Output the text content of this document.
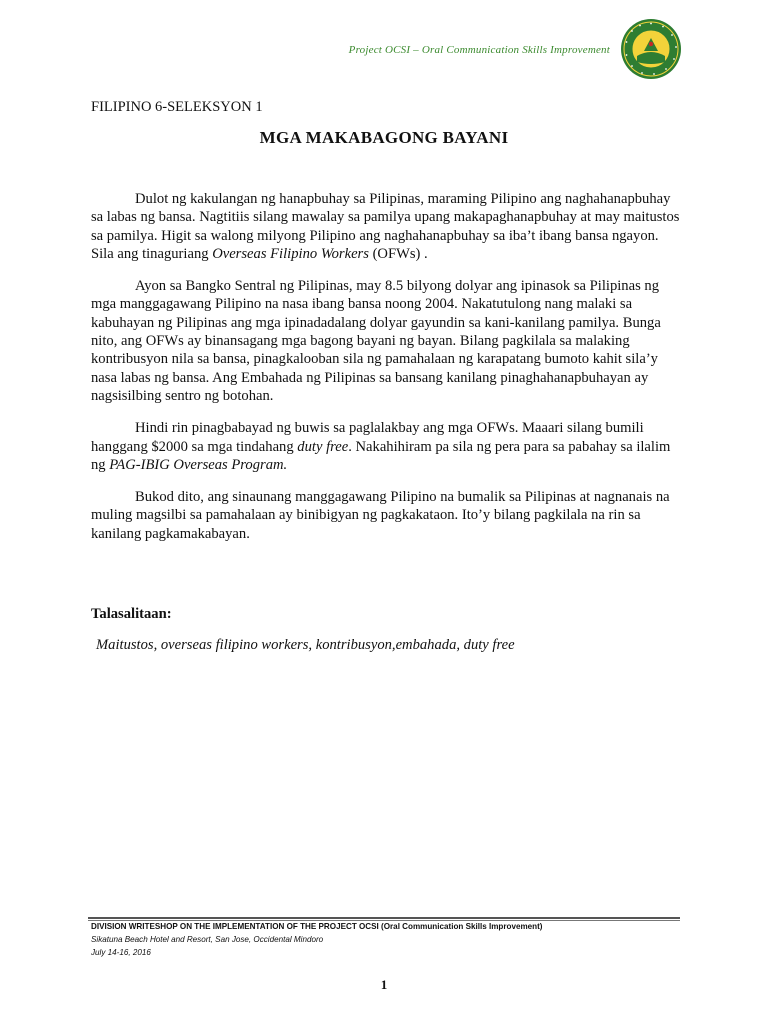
Project OCSI – Oral Communication Skills Improvement
FILIPINO 6-SELEKSYON 1
MGA MAKABAGONG BAYANI

Dulot ng kakulangan ng hanapbuhay sa Pilipinas, maraming Pilipino ang naghahanapbuhay sa labas ng bansa. Nagtitiis silang mawalay sa pamilya upang makapaghanapbuhay at may maitustos sa pamilya. Higit sa walong milyong Pilipino ang naghahanapbuhay sa iba’t ibang bansa ngayon. Sila ang tinaguriang Overseas Filipino Workers (OFWs) .

Ayon sa Bangko Sentral ng Pilipinas, may 8.5 bilyong dolyar ang ipinasok sa Pilipinas ng mga manggagawang Pilipino na nasa ibang bansa noong 2004. Nakatutulong nang malaki sa kabuhayan ng Pilipinas ang mga ipinadadalang dolyar gayundin sa kani-kanilang pamilya. Bunga nito, ang OFWs ay binansagang mga bagong bayani ng bayan. Bilang pagkilala sa malaking kontribusyon nila sa bansa, pinagkalooban sila ng pamahalaan ng karapatang bumoto kahit sila’y nasa labas ng bansa. Ang Embahada ng Pilipinas sa bansang kanilang pinaghahanapbuhayan ay nagsisilbing sentro ng botohan.

Hindi rin pinagbabayad ng buwis sa paglalakbay ang mga OFWs. Maaari silang bumili hanggang $2000 sa mga tindahang duty free. Nakahihiram pa sila ng pera para sa pabahay sa ilalim ng PAG-IBIG Overseas Program.

Bukod dito, ang sinaunang manggagawang Pilipino na bumalik sa Pilipinas at nagnanais na muling magsilbi sa pamahalaan ay binibigyan ng pagkakataon. Ito’y bilang pagkilala na rin sa kanilang pagkamakabayan.

Talasalitaan:
Maitustos, overseas filipino workers, kontribusyon,embahada, duty free
DIVISION WRITESHOP ON THE IMPLEMENTATION OF THE PROJECT OCSI (Oral Communication Skills Improvement)
Sikatuna Beach Hotel and Resort, San Jose, Occidental Mindoro
July 14-16, 2016
1
